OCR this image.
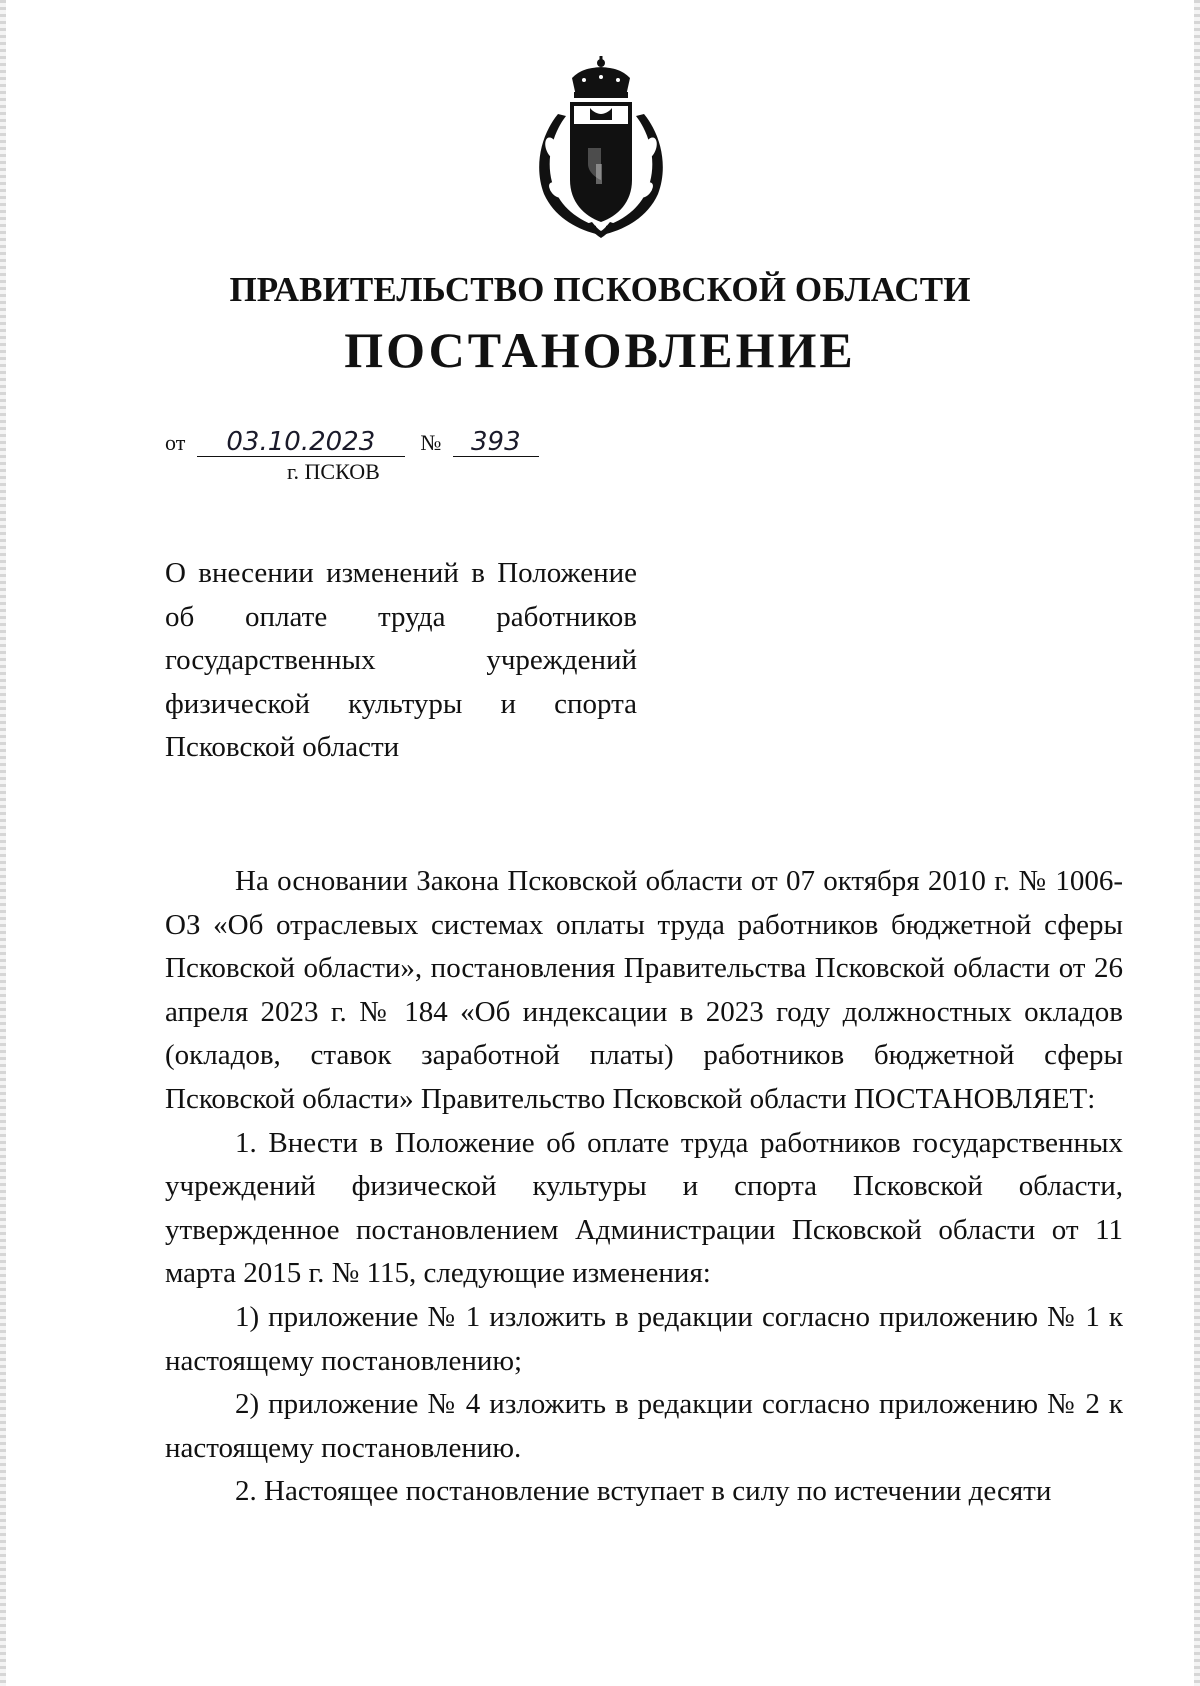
ПРАВИТЕЛЬСТВО ПСКОВСКОЙ ОБЛАСТИ
ПОСТАНОВЛЕНИЕ
от 03.10.2023 № 393
г. ПСКОВ
О внесении изменений в Положение
об оплате труда работников
государственных учреждений
физической культуры и спорта
Псковской области

На основании Закона Псковской области от 07 октября 2010 г. № 1006-ОЗ «Об отраслевых системах оплаты труда работников бюджетной сферы Псковской области», постановления Правительства Псковской области от 26 апреля 2023 г. № 184 «Об индексации в 2023 году должностных окладов (окладов, ставок заработной платы) работников бюджетной сферы Псковской области» Правительство Псковской области ПОСТАНОВЛЯЕТ:

1. Внести в Положение об оплате труда работников государственных учреждений физической культуры и спорта Псковской области, утвержденное постановлением Администрации Псковской области от 11 марта 2015 г. № 115, следующие изменения:

1) приложение № 1 изложить в редакции согласно приложению № 1 к настоящему постановлению;

2) приложение № 4 изложить в редакции согласно приложению № 2 к настоящему постановлению.

2. Настоящее постановление вступает в силу по истечении десяти
